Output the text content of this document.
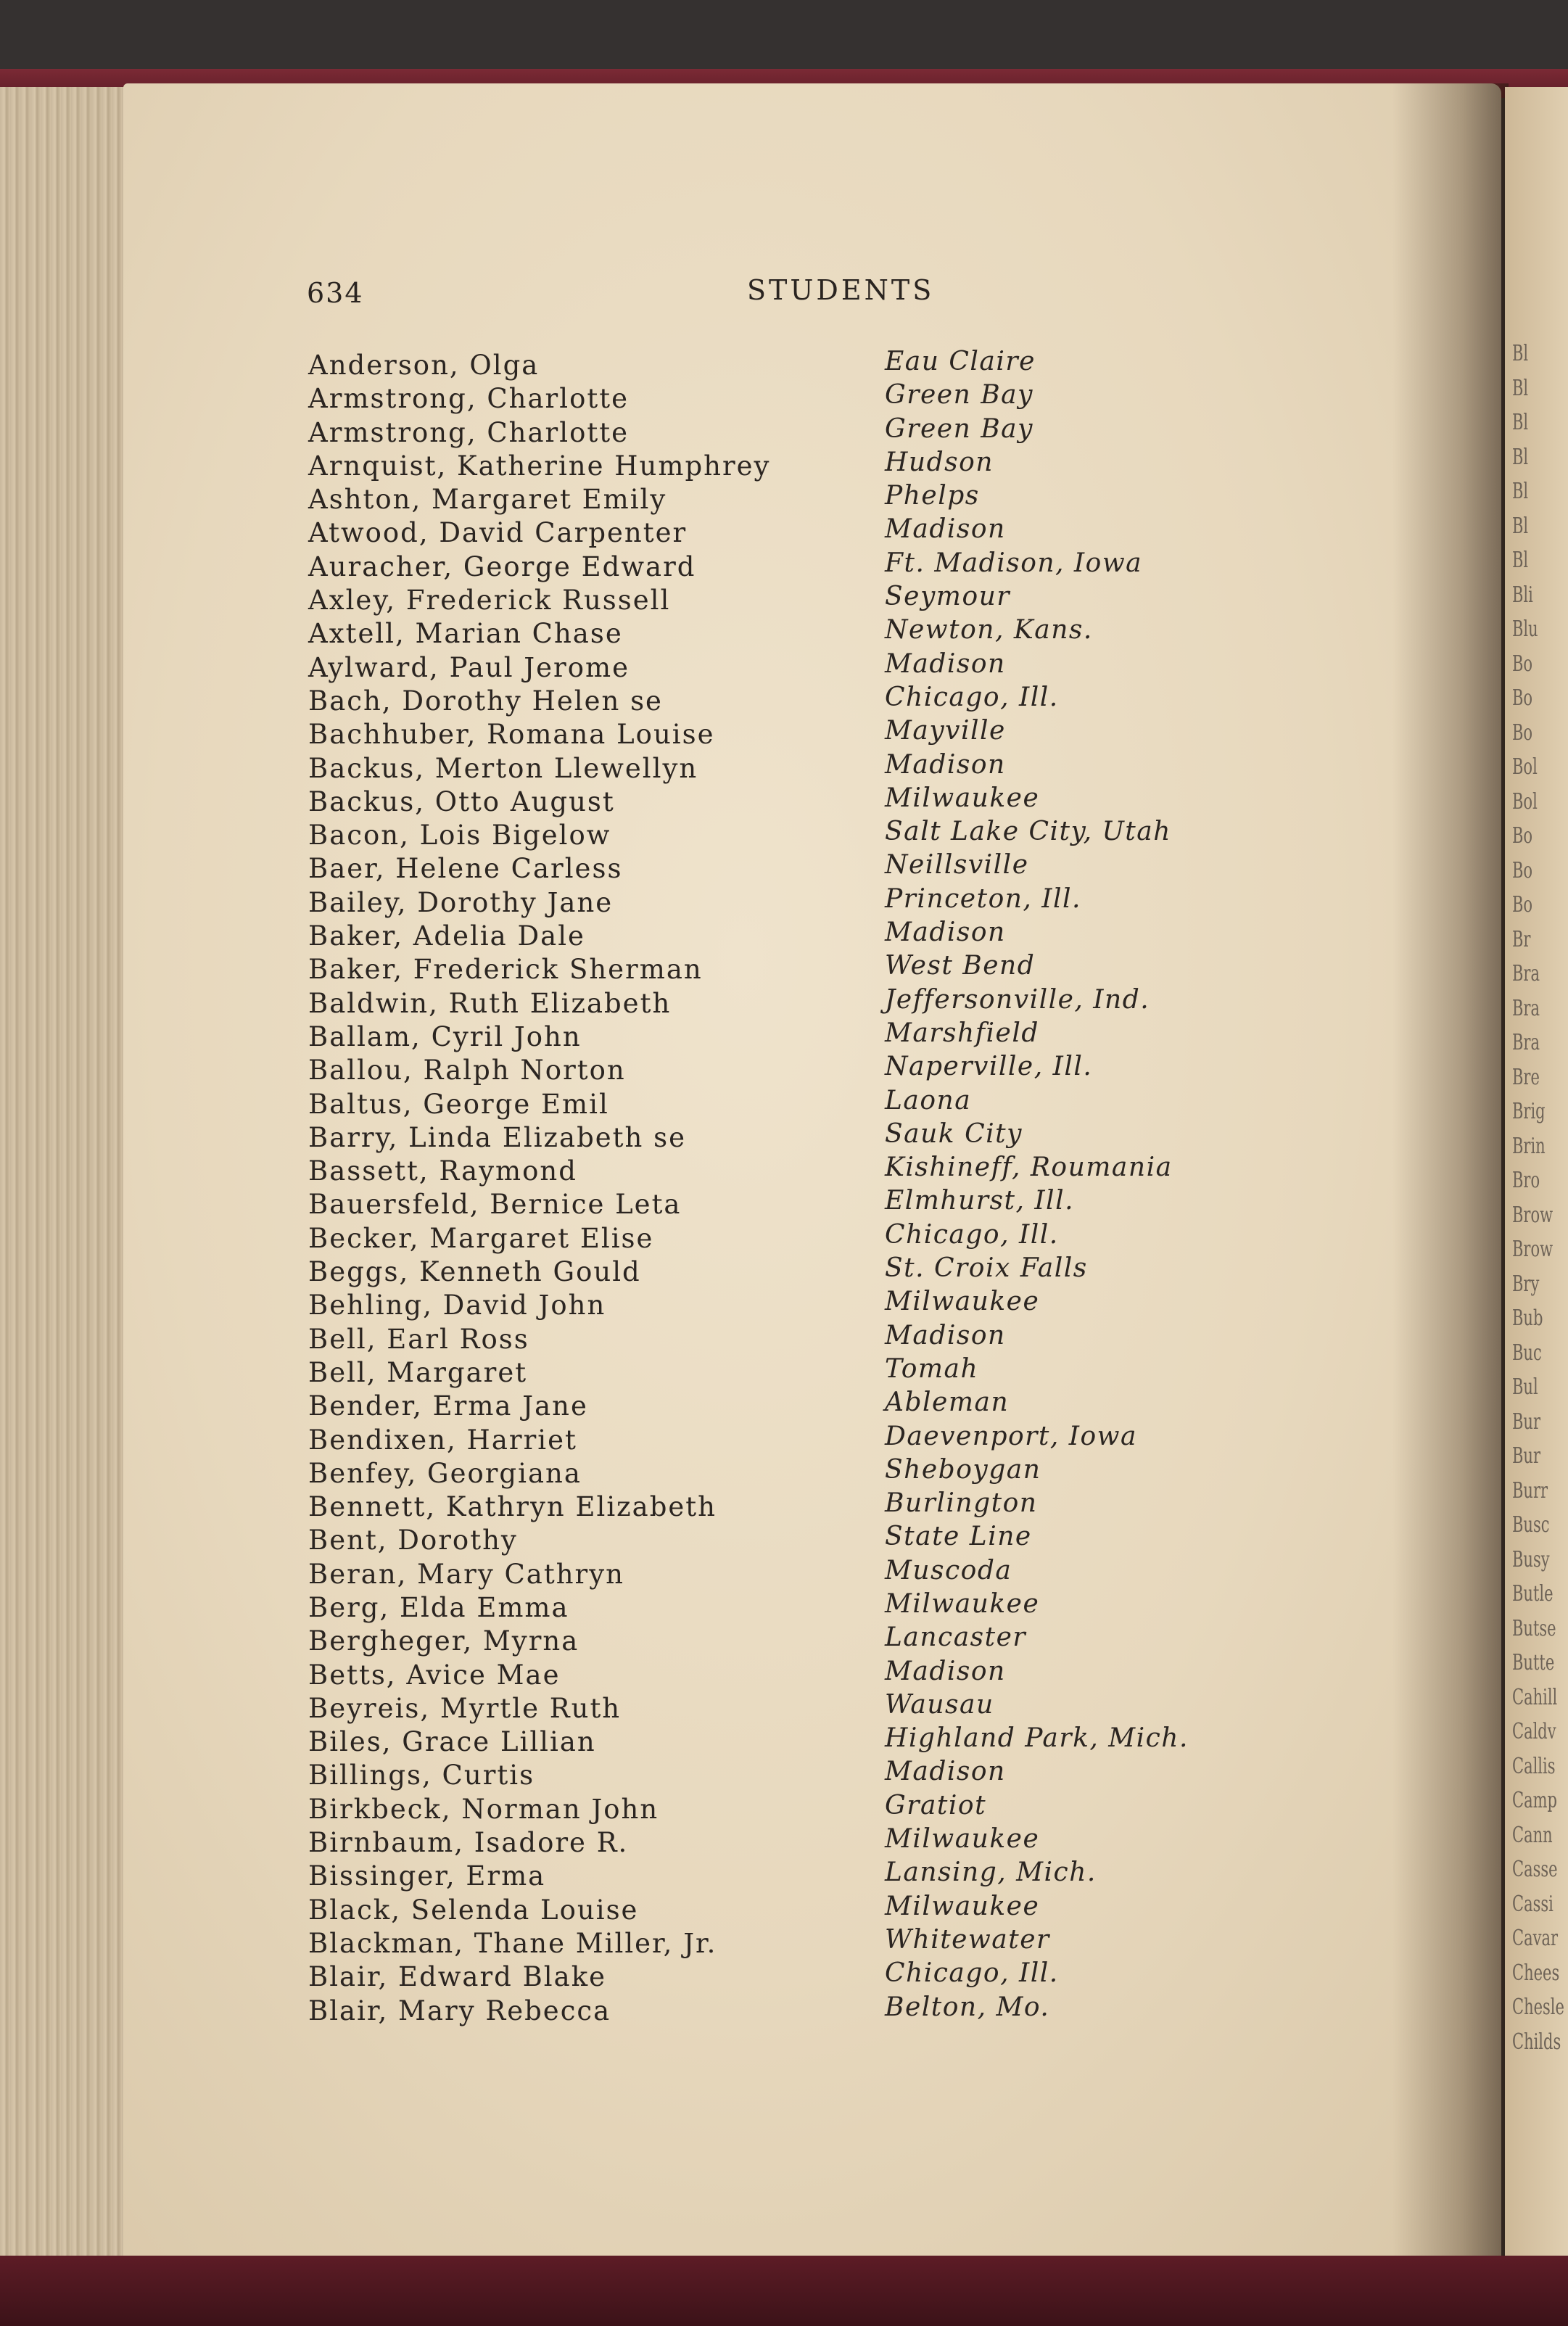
Bl
Bl
Bl
Bl
Bl
Bl
Bl
Bli
Blu
Bo
Bo
Bo
Bol
Bol
Bo
Bo
Bo
Br
Bra
Bra
Bra
Bre
Brig
Brin
Bro
Brow
Brow
Bry
Bub
Buc
Bul
Bur
Bur
Burr
Busc
Busy
Butle
Butse
Butte
Cahill
Caldv
Callis
Camp
Cann
Casse
Cassi
Cavar
Chees
Chesle
Childs
634	STUDENTS
Anderson, Olga	Eau Claire
Armstrong, Charlotte	Green Bay
Armstrong, Charlotte	Green Bay
Arnquist, Katherine Humphrey	Hudson
Ashton, Margaret Emily	Phelps
Atwood, David Carpenter	Madison
Auracher, George Edward	Ft. Madison, Iowa
Axley, Frederick Russell	Seymour
Axtell, Marian Chase	Newton, Kans.
Aylward, Paul Jerome	Madison
Bach, Dorothy Helen se	Chicago, Ill.
Bachhuber, Romana Louise	Mayville
Backus, Merton Llewellyn	Madison
Backus, Otto August	Milwaukee
Bacon, Lois Bigelow	Salt Lake City, Utah
Baer, Helene Carless	Neillsville
Bailey, Dorothy Jane	Princeton, Ill.
Baker, Adelia Dale	Madison
Baker, Frederick Sherman	West Bend
Baldwin, Ruth Elizabeth	Jeffersonville, Ind.
Ballam, Cyril John	Marshfield
Ballou, Ralph Norton	Naperville, Ill.
Baltus, George Emil	Laona
Barry, Linda Elizabeth se	Sauk City
Bassett, Raymond	Kishineff, Roumania
Bauersfeld, Bernice Leta	Elmhurst, Ill.
Becker, Margaret Elise	Chicago, Ill.
Beggs, Kenneth Gould	St. Croix Falls
Behling, David John	Milwaukee
Bell, Earl Ross	Madison
Bell, Margaret	Tomah
Bender, Erma Jane	Ableman
Bendixen, Harriet	Daevenport, Iowa
Benfey, Georgiana	Sheboygan
Bennett, Kathryn Elizabeth	Burlington
Bent, Dorothy	State Line
Beran, Mary Cathryn	Muscoda
Berg, Elda Emma	Milwaukee
Bergheger, Myrna	Lancaster
Betts, Avice Mae	Madison
Beyreis, Myrtle Ruth	Wausau
Biles, Grace Lillian	Highland Park, Mich.
Billings, Curtis	Madison
Birkbeck, Norman John	Gratiot
Birnbaum, Isadore R.	Milwaukee
Bissinger, Erma	Lansing, Mich.
Black, Selenda Louise	Milwaukee
Blackman, Thane Miller, Jr.	Whitewater
Blair, Edward Blake	Chicago, Ill.
Blair, Mary Rebecca	Belton, Mo.
